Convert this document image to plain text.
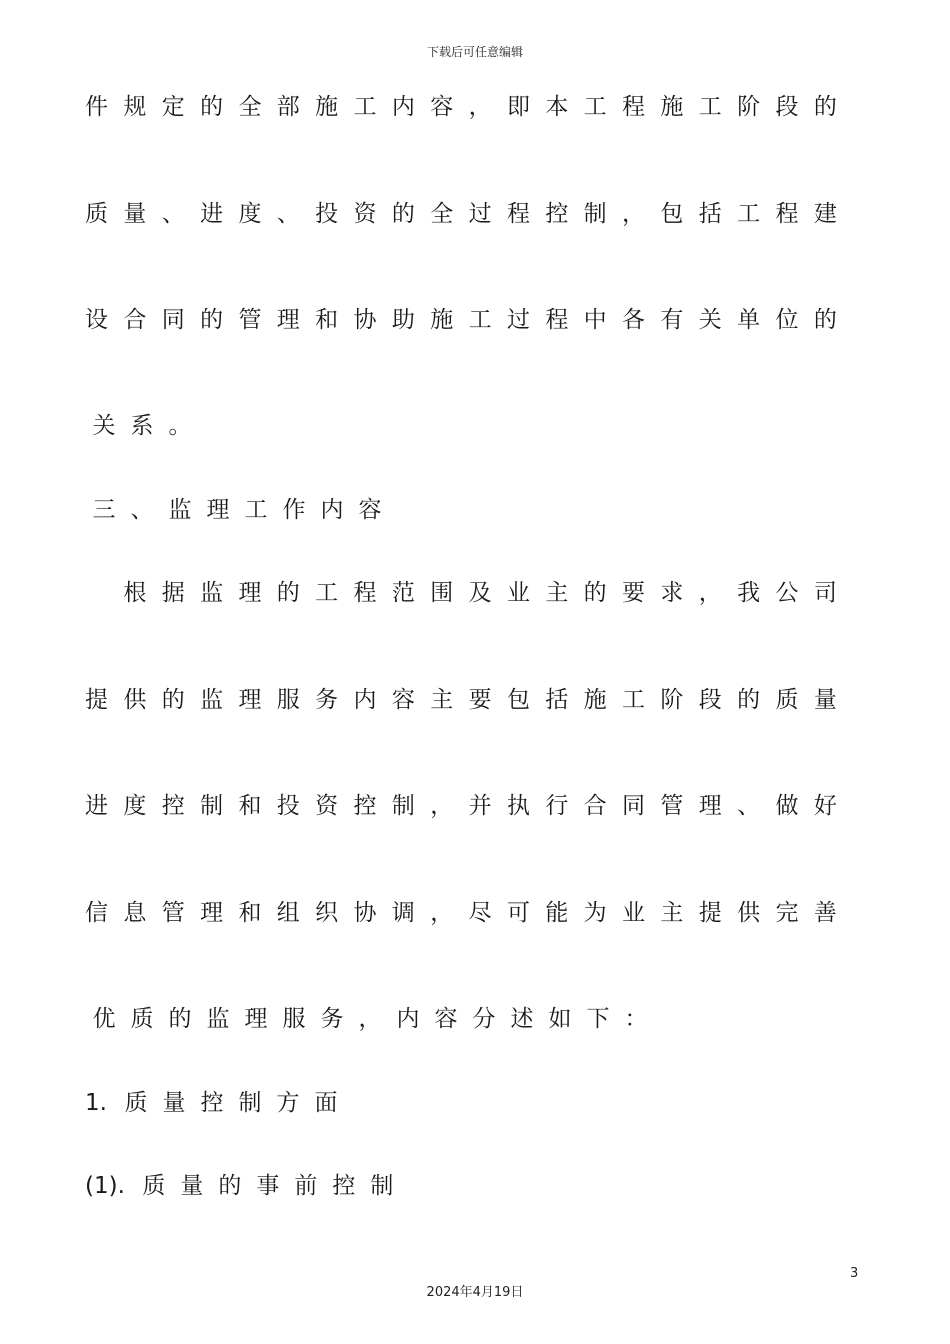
下载后可任意编辑
件 规 定 的 全 部 施 工 内 容 ， 即 本 工 程 施 工 阶 段 的
质 量 、 进 度 、 投 资 的 全 过 程 控 制 ， 包 括 工 程 建
设 合 同 的 管 理 和 协 助 施 工 过 程 中 各 有 关 单 位 的
关 系 。
三 、 监 理 工 作 内 容

根 据 监 理 的 工 程 范 围 及 业 主 的 要 求 ， 我 公 司
提 供 的 监 理 服 务 内 容 主 要 包 括 施 工 阶 段 的 质 量
进 度 控 制 和 投 资 控 制 ， 并 执 行 合 同 管 理 、 做 好
信 息 管 理 和 组 织 协 调 ， 尽 可 能 为 业 主 提 供 完 善
优 质 的 监 理 服 务 ， 内 容 分 述 如 下 ：
1. 质 量 控 制 方 面
(1). 质 量 的 事 前 控 制
3
2024年4月19日
